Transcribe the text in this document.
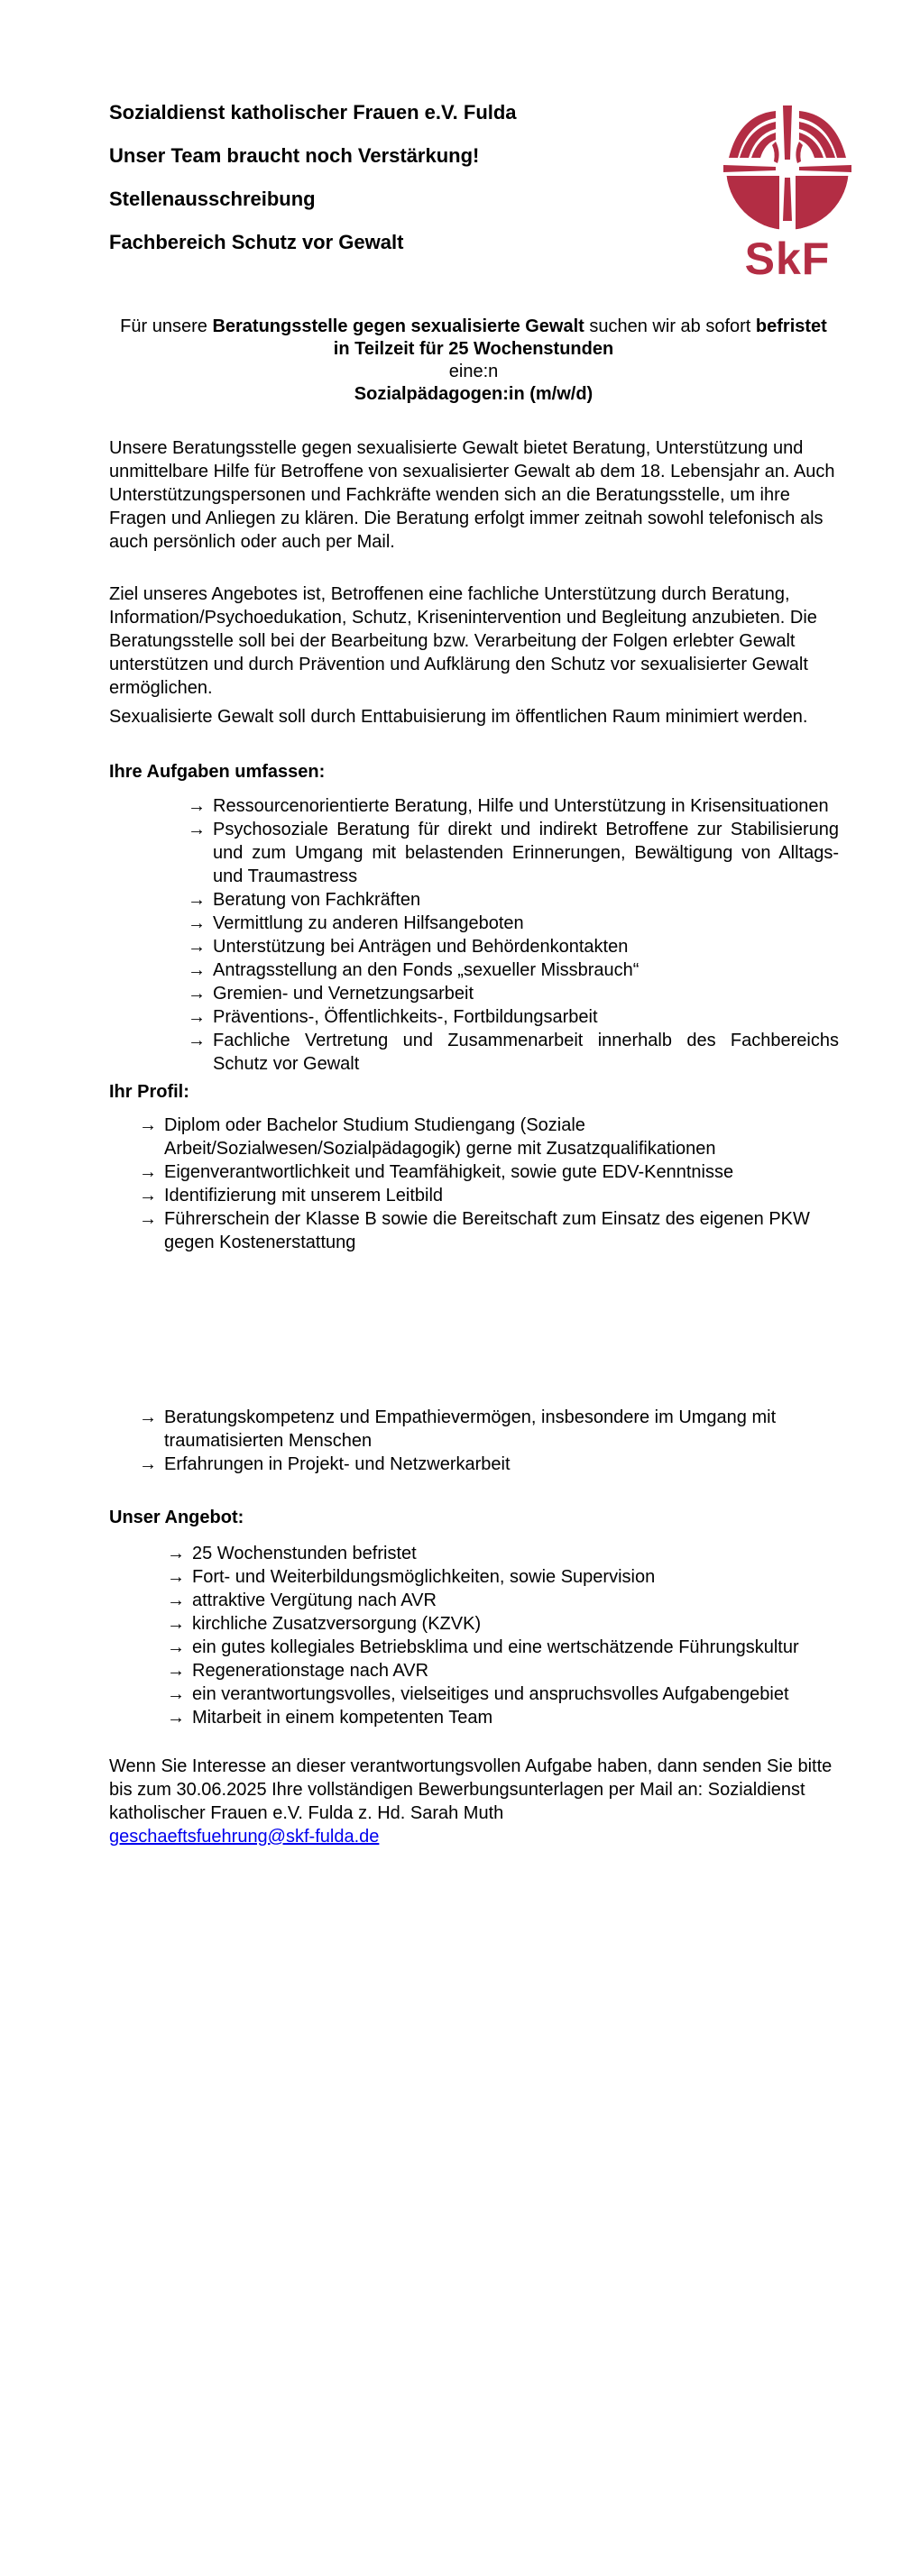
Sozialdienst katholischer Frauen e.V. Fulda

Unser Team braucht noch Verstärkung!

Stellenausschreibung

Fachbereich Schutz vor Gewalt	SkF
Für unsere Beratungsstelle gegen sexualisierte Gewalt suchen wir ab sofort befristet
in Teilzeit für 25 Wochenstunden
eine:n
Sozialpädagogen:in (m/w/d)

Unsere Beratungsstelle gegen sexualisierte Gewalt bietet Beratung, Unterstützung und unmittelbare Hilfe für Betroffene von sexualisierter Gewalt ab dem 18. Lebensjahr an. Auch Unterstützungspersonen und Fachkräfte wenden sich an die Beratungsstelle, um ihre Fragen und Anliegen zu klären. Die Beratung erfolgt immer zeitnah sowohl telefonisch als auch persönlich oder auch per Mail.

Ziel unseres Angebotes ist, Betroffenen eine fachliche Unterstützung durch Beratung, Information/Psychoedukation, Schutz, Krisenintervention und Begleitung anzubieten. Die Beratungsstelle soll bei der Bearbeitung bzw. Verarbeitung der Folgen erlebter Gewalt unterstützen und durch Prävention und Aufklärung den Schutz vor sexualisierter Gewalt ermöglichen.

Sexualisierte Gewalt soll durch Enttabuisierung im öffentlichen Raum minimiert werden.

Ihre Aufgaben umfassen:

→ Ressourcenorientierte Beratung, Hilfe und Unterstützung in Krisensituationen
→ Psychosoziale Beratung für direkt und indirekt Betroffene zur Stabilisierung und zum Umgang mit belastenden Erinnerungen, Bewältigung von Alltags- und Traumastress
→ Beratung von Fachkräften
→ Vermittlung zu anderen Hilfsangeboten
→ Unterstützung bei Anträgen und Behördenkontakten
→ Antragsstellung an den Fonds „sexueller Missbrauch“
→ Gremien- und Vernetzungsarbeit
→ Präventions-, Öffentlichkeits-, Fortbildungsarbeit
→ Fachliche Vertretung und Zusammenarbeit innerhalb des Fachbereichs Schutz vor Gewalt

Ihr Profil:

→ Diplom oder Bachelor Studium Studiengang (Soziale Arbeit/Sozialwesen/Sozialpädagogik) gerne mit Zusatzqualifikationen
→ Eigenverantwortlichkeit und Teamfähigkeit, sowie gute EDV-Kenntnisse
→ Identifizierung mit unserem Leitbild
→ Führerschein der Klasse B sowie die Bereitschaft zum Einsatz des eigenen PKW gegen Kostenerstattung
→ Beratungskompetenz und Empathievermögen, insbesondere im Umgang mit traumatisierten Menschen
→ Erfahrungen in Projekt- und Netzwerkarbeit

Unser Angebot:

→ 25 Wochenstunden befristet
→ Fort- und Weiterbildungsmöglichkeiten, sowie Supervision
→ attraktive Vergütung nach AVR
→ kirchliche Zusatzversorgung (KZVK)
→ ein gutes kollegiales Betriebsklima und eine wertschätzende Führungskultur
→ Regenerationstage nach AVR
→ ein verantwortungsvolles, vielseitiges und anspruchsvolles Aufgabengebiet
→ Mitarbeit in einem kompetenten Team

Wenn Sie Interesse an dieser verantwortungsvollen Aufgabe haben, dann senden Sie bitte bis zum 30.06.2025 Ihre vollständigen Bewerbungsunterlagen per Mail an: Sozialdienst katholischer Frauen e.V. Fulda z. Hd. Sarah Muth

geschaeftsfuehrung@skf-fulda.de
